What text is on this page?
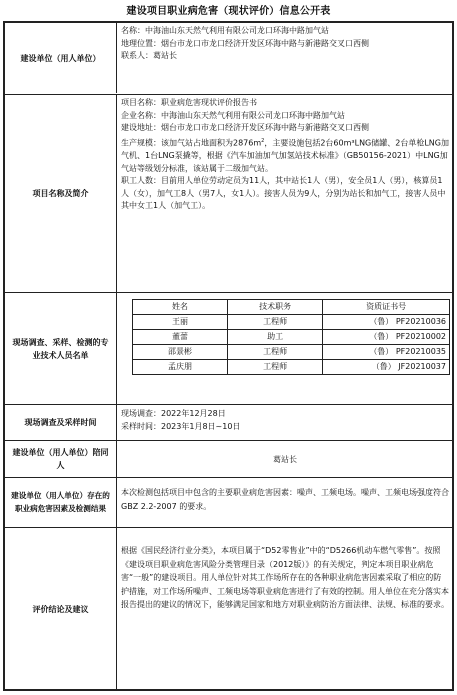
建设项目职业病危害（现状评价）信息公开表
建设单位（用人单位）

名称：中海油山东天然气利用有限公司龙口环海中路加气站

地理位置：烟台市龙口市龙口经济开发区环海中路与新港路交叉口西侧

联系人：葛站长

项目名称及简介

项目名称：职业病危害现状评价报告书

企业名称：中海油山东天然气利用有限公司龙口环海中路加气站

建设地址：烟台市龙口市龙口经济开发区环海中路与新港路交叉口西侧

生产规模：该加气站占地面积为$2876m^2$，主要设施包括2台60m³LNG储罐、2台单枪LNG加气机、1台LNG泵撬等，根据《汽车加油加气加氢站技术标准》（GB50156-2021）中LNG加气站等级划分标准，该站属于二级加气站。

职工人数：目前用人单位劳动定员为11人，其中站长1人（男），安全员1人（男），核算员1人（女），加气工8人（男7人，女1人）。接害人员为9人，分别为站长和加气工，接害人员中其中女工1人（加气工）。

现场调查、采样、检测的专业技术人员名单
姓名	技术职务	资质证书号
王丽	工程师	（鲁） PF20210036
董蕾	助工	（鲁） PF20210002
邵景彬	工程师	（鲁） PF20210035
孟庆朋	工程师	（鲁） JF20210037
现场调查及采样时间

现场调查：2022年12月28日

采样时间：2023年1月8日~10日

建设单位（用人单位）陪同人
葛站长
建设单位（用人单位）存在的职业病危害因素及检测结果
本次检测包括项目中包含的主要职业病危害因素：噪声、工频电场。噪声、工频电场强度符合 GBZ 2.2-2007 的要求。
评价结论及建议
根据《国民经济行业分类》，本项目属于“D52零售业”中的“D5266机动车燃气零售”。按照《建设项目职业病危害风险分类管理目录（2012版）》的有关规定，判定本项目职业病危害“一般”的建设项目。用人单位针对其工作场所存在的各种职业病危害因素采取了相应的防护措施，对工作场所噪声、工频电场等职业病危害进行了有效的控制。用人单位在充分落实本报告提出的建议的情况下，能够满足国家和地方对职业病防治方面法律、法规、标准的要求。
